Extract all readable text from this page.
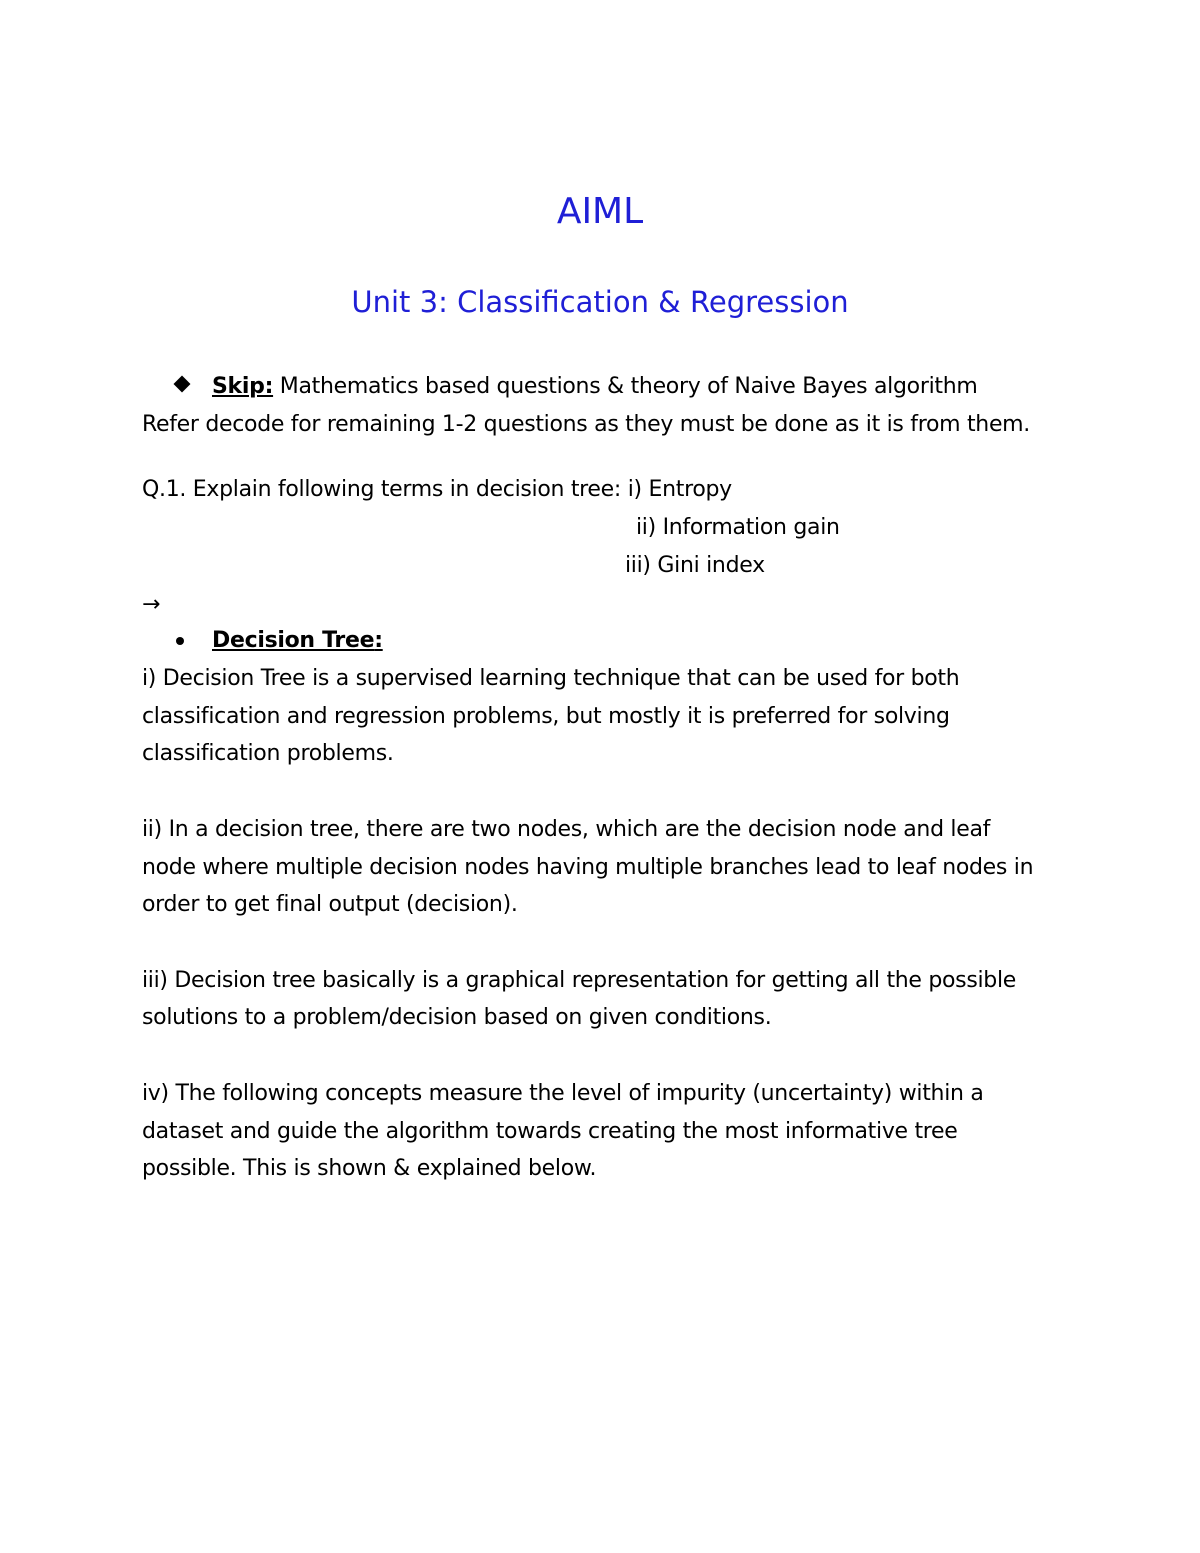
AIML
Unit 3: Classification & Regression
Skip: Mathematics based questions & theory of Naive Bayes algorithm
Refer decode for remaining 1-2 questions as they must be done as it is from them.
Q.1. Explain following terms in decision tree: i) Entropy
ii) Information gain
iii) Gini index
→
Decision Tree:
i) Decision Tree is a supervised learning technique that can be used for both
classification and regression problems, but mostly it is preferred for solving
classification problems.
ii) In a decision tree, there are two nodes, which are the decision node and leaf
node where multiple decision nodes having multiple branches lead to leaf nodes in
order to get final output (decision).
iii) Decision tree basically is a graphical representation for getting all the possible
solutions to a problem/decision based on given conditions.
iv) The following concepts measure the level of impurity (uncertainty) within a
dataset and guide the algorithm towards creating the most informative tree
possible. This is shown & explained below.
